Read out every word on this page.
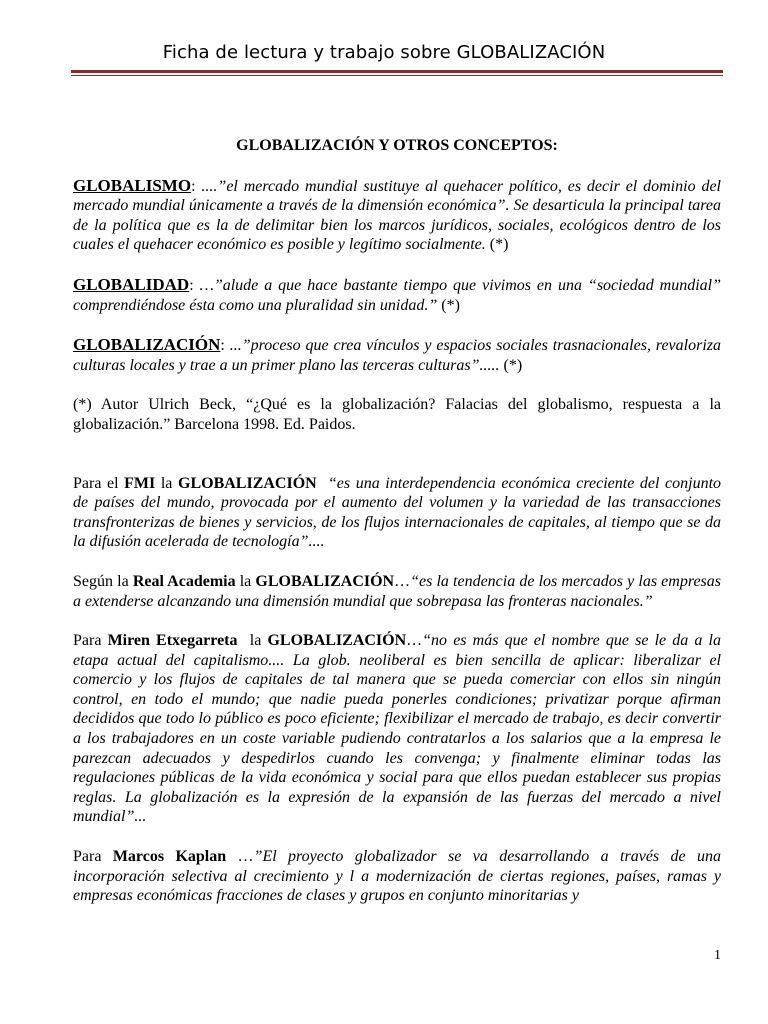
Ficha de lectura y trabajo sobre GLOBALIZACIÓN
GLOBALIZACIÓN Y OTROS CONCEPTOS:
GLOBALISMO: ....”el mercado mundial sustituye al quehacer político, es decir el dominio del mercado mundial únicamente a través de la dimensión económica”. Se desarticula la principal tarea de la política que es la de delimitar bien los marcos jurídicos, sociales, ecológicos dentro de los cuales el quehacer económico es posible y legítimo socialmente. (*)
GLOBALIDAD: …”alude a que hace bastante tiempo que vivimos en una “sociedad mundial” comprendiéndose ésta como una pluralidad sin unidad.” (*)
GLOBALIZACIÓN: ...”proceso que crea vínculos y espacios sociales trasnacionales, revaloriza culturas locales y trae a un primer plano las terceras culturas”..... (*)
(*) Autor Ulrich Beck, “¿Qué es la globalización? Falacias del globalismo, respuesta a la globalización.” Barcelona 1998. Ed. Paidos.
Para el FMI la GLOBALIZACIÓN “es una interdependencia económica creciente del conjunto de países del mundo, provocada por el aumento del volumen y la variedad de las transacciones transfronterizas de bienes y servicios, de los flujos internacionales de capitales, al tiempo que se da la difusión acelerada de tecnología”....
Según la Real Academia la GLOBALIZACIÓN…“es la tendencia de los mercados y las empresas a extenderse alcanzando una dimensión mundial que sobrepasa las fronteras nacionales.”
Para Miren Etxegarreta  la GLOBALIZACIÓN…“no es más que el nombre que se le da a la etapa actual del capitalismo.... La glob. neoliberal es bien sencilla de aplicar: liberalizar el comercio y los flujos de capitales de tal manera que se pueda comerciar con ellos sin ningún control, en todo el mundo; que nadie pueda ponerles condiciones; privatizar porque afirman decididos que todo lo público es poco eficiente; flexibilizar el mercado de trabajo, es decir convertir a los trabajadores en un coste variable pudiendo contratarlos a los salarios que a la empresa le parezcan adecuados y despedirlos cuando les convenga; y finalmente eliminar todas las regulaciones públicas de la vida económica y social para que ellos puedan establecer sus propias reglas. La globalización es la expresión de la expansión de las fuerzas del mercado a nivel mundial”...
Para Marcos Kaplan …”El proyecto globalizador se va desarrollando a través de una incorporación selectiva al crecimiento y l a modernización de ciertas regiones, países, ramas y empresas económicas fracciones de clases y grupos en conjunto minoritarias y
1
